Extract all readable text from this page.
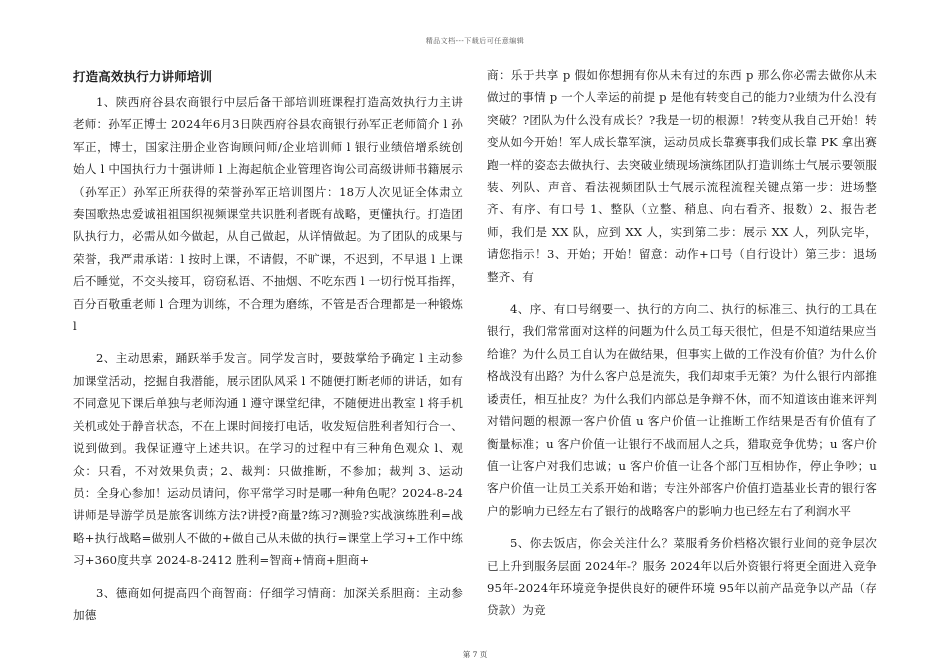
精品文档---下载后可任意编辑
打造高效执行力讲师培训

1、陕西府谷县农商银行中层后备干部培训班课程打造高效执行力主讲老师：孙军正博士 2024年6月3日陕西府谷县农商银行孙军正老师简介 l 孙军正，博士，国家注册企业咨询顾问师/企业培训师 l 银行业绩倍增系统创始人 l 中国执行力十强讲师 l 上海起航企业管理咨询公司高级讲师书籍展示（孙军正）孙军正所获得的荣誉孙军正培训图片：18万人次见证全体肃立奏国歌热忠爱诚祖祖国织视频课堂共识胜利者既有战略，更懂执行。打造团队执行力，必需从如今做起，从自己做起，从详情做起。为了团队的成果与荣誉，我严肃承诺：l 按时上课，不请假，不旷课，不迟到，不早退 l 上课后不睡觉，不交头接耳，窃窃私语、不抽烟、不吃东西 l 一切行悦耳指挥，百分百敬重老师 l 合理为训练，不合理为磨练，不管是否合理都是一种锻炼 l

2、主动思索，踊跃举手发言。同学发言时，要鼓掌给予确定 l 主动参加课堂活动，挖掘自我潜能，展示团队风采 l 不随便打断老师的讲话，如有不同意见下课后单独与老师沟通 l 遵守课堂纪律，不随便进出教室 l 将手机关机或处于静音状态，不在上课时间接打电话，收发短信胜利者知行合一、说到做到。我保证遵守上述共识。在学习的过程中有三种角色观众 l、观众：只看，不对效果负责；2、裁判：只做推断，不参加；裁判 3、运动员：全身心参加！运动员请问，你平常学习时是哪一种角色呢？2024-8-24 讲师是导游学员是旅客训练方法?讲授?商量?练习?测验?实战演练胜利=战略+执行战略=做别人不做的+做自己从未做的执行=课堂上学习+工作中练习+360度共享 2024-8-2412 胜利=智商+情商+胆商+

3、德商如何提高四个商智商：仔细学习情商：加深关系胆商：主动参加德

商：乐于共享 p 假如你想拥有你从未有过的东西 p 那么你必需去做你从未做过的事情 p 一个人幸运的前提 p 是他有转变自己的能力?业绩为什么没有突破？?团队为什么没有成长？?我是一切的根源！?转变从我自己开始！转变从如今开始！军人成长靠军演，运动员成长靠赛事我们成长靠 PK 拿出赛跑一样的姿态去做执行、去突破业绩现场演练团队打造训练士气展示要领服装、列队、声音、看法视频团队士气展示流程流程关键点第一步：进场整齐、有序、有口号 1、整队（立整、稍息、向右看齐、报数）2、报告老师，我们是 XX 队，应到 XX 人，实到第二步：展示 XX 人，列队完毕，请您指示！3、开始；开始！留意：动作+口号（自行设计）第三步：退场整齐、有

4、序、有口号纲要一、执行的方向二、执行的标准三、执行的工具在银行，我们常常面对这样的问题为什么员工每天很忙，但是不知道结果应当给谁？为什么员工自认为在做结果，但事实上做的工作没有价值？为什么价格战没有出路？为什么客户总是流失，我们却束手无策？为什么银行内部推诿责任，相互扯皮？为什么我们内部总是争辩不休，而不知道该由谁来评判对错问题的根源一客户价值 u 客户价值一让推断工作结果是否有价值有了衡量标准；u 客户价值一让银行不战而屈人之兵，猎取竞争优势；u 客户价值一让客户对我们忠诚；u 客户价值一让各个部门互相协作，停止争吵；u 客户价值一让员工关系开始和谐；专注外部客户价值打造基业长青的银行客户的影响力已经左右了银行的战略客户的影响力也已经左右了利润水平

5、你去饭店，你会关注什么？菜服肴务价档格次银行业间的竞争层次已上升到服务层面 2024年-？服务 2024年以后外资银行将更全面进入竞争 95年-2024年环境竞争提供良好的硬件环境 95年以前产品竞争以产品（存贷款）为竞

第 7 页
